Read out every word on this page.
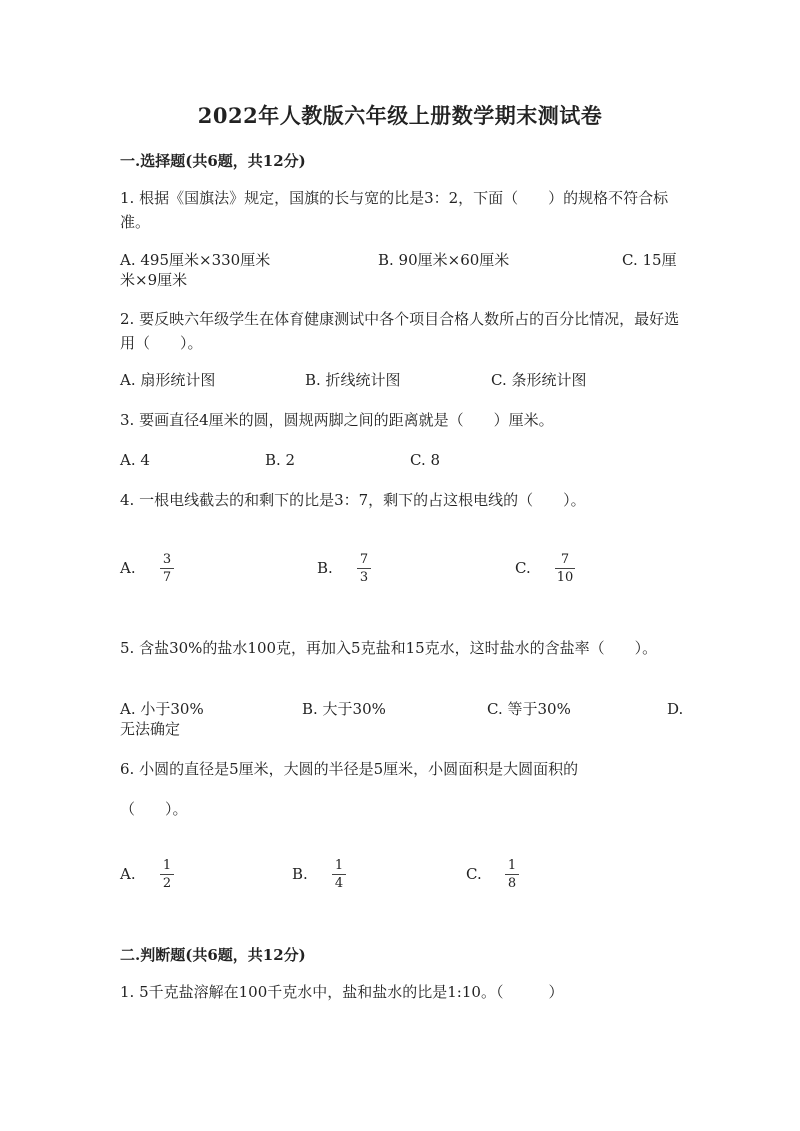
2022年人教版六年级上册数学期末测试卷
一.选择题(共6题，共12分)
1. 根据《国旗法》规定，国旗的长与宽的比是3：2，下面（　　）的规格不符合标准。
A. 495厘米×330厘米	B. 90厘米×60厘米	C. 15厘
米×9厘米
2. 要反映六年级学生在体育健康测试中各个项目合格人数所占的百分比情况，最好选用（　　）。
A. 扇形统计图	B. 折线统计图	C. 条形统计图
3. 要画直径4厘米的圆，圆规两脚之间的距离就是（　　）厘米。
A. 4	B. 2	C. 8
4. 一根电线截去的和剩下的比是3：7，剩下的占这根电线的（　　）。
A. 3
7
B. 7
3
C. 7
10
5. 含盐30%的盐水100克，再加入5克盐和15克水，这时盐水的含盐率（　　）。
A. 小于30%	B. 大于30%	C. 等于30%	D.
无法确定
6. 小圆的直径是5厘米，大圆的半径是5厘米，小圆面积是大圆面积的
（　　）。
A. 1
2
B. 1
4
C. 1
8
二.判断题(共6题，共12分)
1. 5千克盐溶解在100千克水中，盐和盐水的比是1:10。（　　　）
